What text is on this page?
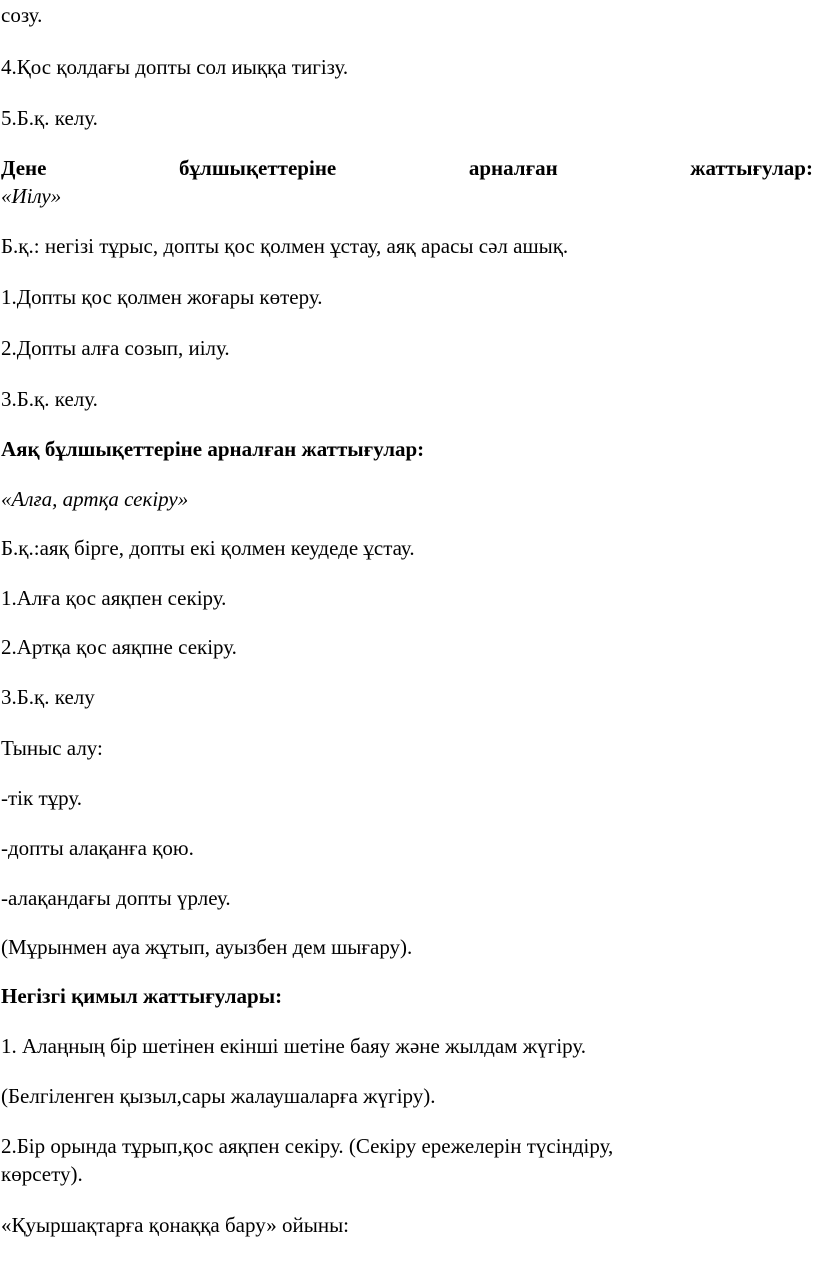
созу.

4.Қос қолдағы допты сол иыққа тигізу.

5.Б.қ. келу.

Дене	бұлшықеттеріне	арналған	жаттығулар:

«Иілу»

Б.қ.: негізі тұрыс, допты қос қолмен ұстау, аяқ арасы сәл ашық.

1.Допты қос қолмен жоғары көтеру.

2.Допты алға созып, иілу.

3.Б.қ. келу.

Аяқ бұлшықеттеріне арналған жаттығулар:

«Алға, артқа секіру»

Б.қ.:аяқ бірге, допты екі қолмен кеудеде ұстау.

1.Алға қос аяқпен секіру.

2.Артқа қос аяқпне секіру.

3.Б.қ. келу

Тыныс алу:

-тік тұру.

-допты алақанға қою.

-алақандағы допты үрлеу.

(Мұрынмен ауа жұтып, ауызбен дем шығару).

Негізгі қимыл жаттығулары:

1. Алаңның бір шетінен екінші шетіне баяу және жылдам жүгіру.

(Белгіленген қызыл,сары жалаушаларға жүгіру).

2.Бір орында тұрып,қос аяқпен секіру. (Секіру ережелерін түсіндіру,

көрсету).

«Қуыршақтарға қонаққа бару» ойыны:
